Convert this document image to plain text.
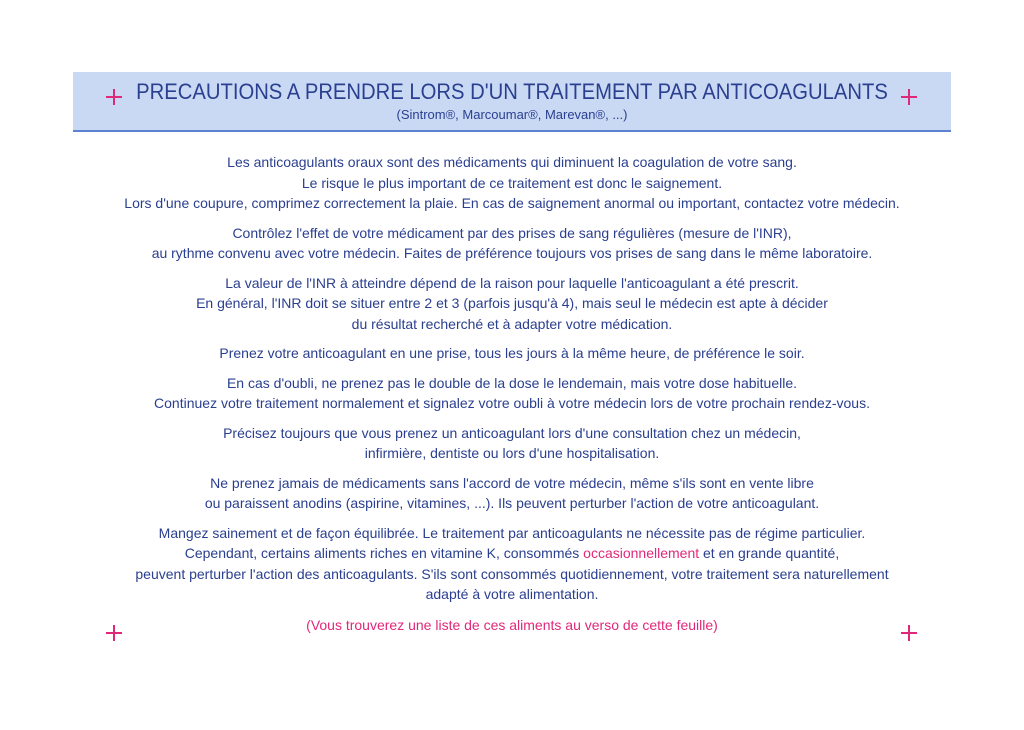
PRECAUTIONS A PRENDRE LORS D'UN TRAITEMENT PAR ANTICOAGULANTS
(Sintrom®, Marcoumar®, Marevan®, ...)
Les anticoagulants oraux sont des médicaments qui diminuent la coagulation de votre sang.
Le risque le plus important de ce traitement est donc le saignement.
Lors d'une coupure, comprimez correctement la plaie. En cas de saignement anormal ou important, contactez votre médecin.
Contrôlez l'effet de votre médicament par des prises de sang régulières (mesure de l'INR),
au rythme convenu avec votre médecin. Faites de préférence toujours vos prises de sang dans le même laboratoire.
La valeur de l'INR à atteindre dépend de la raison pour laquelle l'anticoagulant a été prescrit.
En général, l'INR doit se situer entre 2 et 3 (parfois jusqu'à 4), mais seul le médecin est apte à décider
du résultat recherché et à adapter votre médication.
Prenez votre anticoagulant en une prise, tous les jours à la même heure, de préférence le soir.
En cas d'oubli, ne prenez pas le double de la dose le lendemain, mais votre dose habituelle.
Continuez votre traitement normalement et signalez votre oubli à votre médecin lors de votre prochain rendez-vous.
Précisez toujours que vous prenez un anticoagulant lors d'une consultation chez un médecin,
infirmière, dentiste ou lors d'une hospitalisation.
Ne prenez jamais de médicaments sans l'accord de votre médecin, même s'ils sont en vente libre
ou paraissent anodins (aspirine, vitamines, ...). Ils peuvent perturber l'action de votre anticoagulant.
Mangez sainement et de façon équilibrée. Le traitement par anticoagulants ne nécessite pas de régime particulier.
Cependant, certains aliments riches en vitamine K, consommés occasionnellement et en grande quantité,
peuvent perturber l'action des anticoagulants. S'ils sont consommés quotidiennement, votre traitement sera naturellement
adapté à votre alimentation.
(Vous trouverez une liste de ces aliments au verso de cette feuille)
